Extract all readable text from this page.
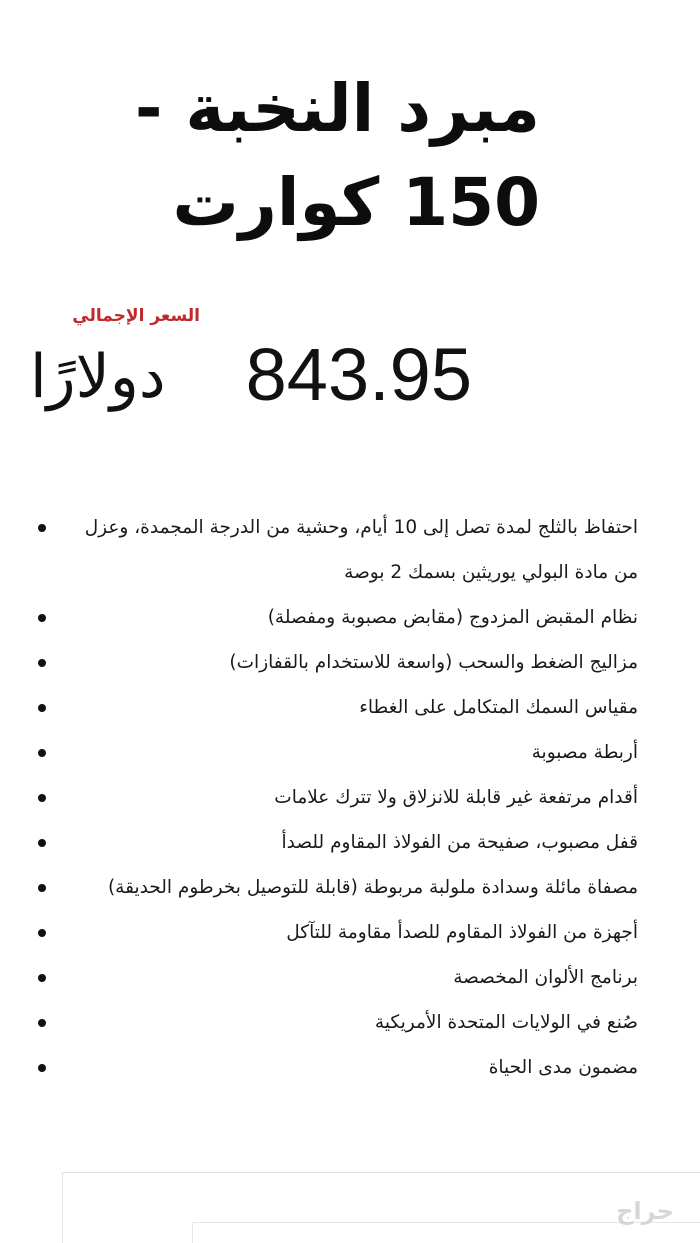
مبرد النخبة - 150 كوارت
السعر الإجمالي
دولارًا	843.95
احتفاظ بالثلج لمدة تصل إلى 10 أيام، وحشية من الدرجة المجمدة، وعزل من مادة البولي يوريثين بسمك 2 بوصة
نظام المقبض المزدوج (مقابض مصبوبة ومفصلة)
مزاليج الضغط والسحب (واسعة للاستخدام بالقفازات)
مقياس السمك المتكامل على الغطاء
أربطة مصبوبة
أقدام مرتفعة غير قابلة للانزلاق ولا تترك علامات
قفل مصبوب، صفيحة من الفولاذ المقاوم للصدأ
مصفاة مائلة وسدادة ملولبة مربوطة (قابلة للتوصيل بخرطوم الحديقة)
أجهزة من الفولاذ المقاوم للصدأ مقاومة للتآكل
برنامج الألوان المخصصة
صُنع في الولايات المتحدة الأمريكية
مضمون مدى الحياة
حراج
